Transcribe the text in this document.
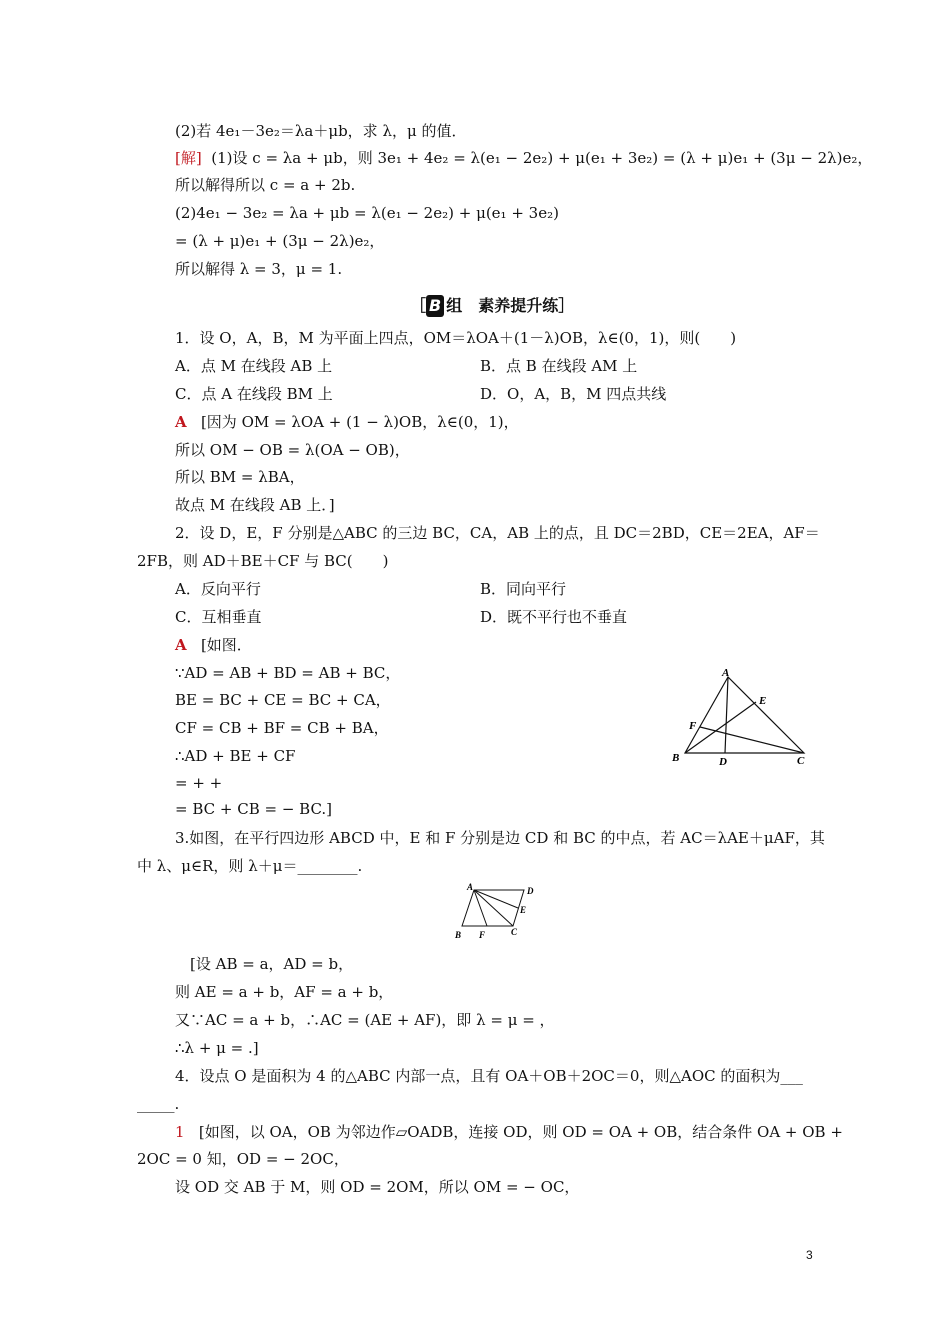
(2)若 4e₁－3e₂＝λa＋μb，求 λ，μ 的值．
[解] (1)设 c = λa + μb，则 3e₁ + 4e₂ = λ(e₁ − 2e₂) + μ(e₁ + 3e₂) = (λ + μ)e₁ + (3μ − 2λ)e₂，
所以解得所以 c = a + 2b.
(2)4e₁ − 3e₂ = λa + μb = λ(e₁ − 2e₂) + μ(e₁ + 3e₂)
= (λ + μ)e₁ + (3μ − 2λ)e₂，
所以解得 λ = 3，μ = 1.
［ B 组　素养提升练］
1．设 O，A，B，M 为平面上四点，OM＝λOA＋(1－λ)OB，λ∈(0，1)，则(　　)
A．点 M 在线段 AB 上	B．点 B 在线段 AM 上
C．点 A 在线段 BM 上	D．O，A，B，M 四点共线
A [因为 OM = λOA + (1 − λ)OB，λ∈(0，1)，
所以 OM − OB = λ(OA − OB)，
所以 BM = λBA，
故点 M 在线段 AB 上．]
2．设 D，E，F 分别是△ABC 的三边 BC，CA，AB 上的点，且 DC＝2BD，CE＝2EA，AF＝
2FB，则 AD＋BE＋CF 与 BC(　　)
A．反向平行	B．同向平行
C．互相垂直	D．既不平行也不垂直
A [如图．
∵AD = AB + BD = AB + BC，
BE = BC + CE = BC + CA，
CF = CB + BF = CB + BA，
∴AD + BE + CF
= + +
= BC + CB = − BC.]
A
B	C
D
E
F
3.如图，在平行四边形 ABCD 中，E 和 F 分别是边 CD 和 BC 的中点，若 AC＝λAE＋μAF，其
中 λ、μ∈R，则 λ＋μ＝________.
A	D
E
B F	C
[设 AB = a，AD = b，
则 AE = a + b，AF = a + b，
又∵AC = a + b，∴AC = (AE + AF)，即 λ = μ = ，
∴λ + μ = .]
4．设点 O 是面积为 4 的△ABC 内部一点，且有 OA＋OB＋2OC＝0，则△AOC 的面积为___
_____.
1 [如图，以 OA，OB 为邻边作▱OADB，连接 OD，则 OD = OA + OB，结合条件 OA + OB +
2OC = 0 知，OD = − 2OC，
设 OD 交 AB 于 M，则 OD = 2OM，所以 OM = − OC，
3
